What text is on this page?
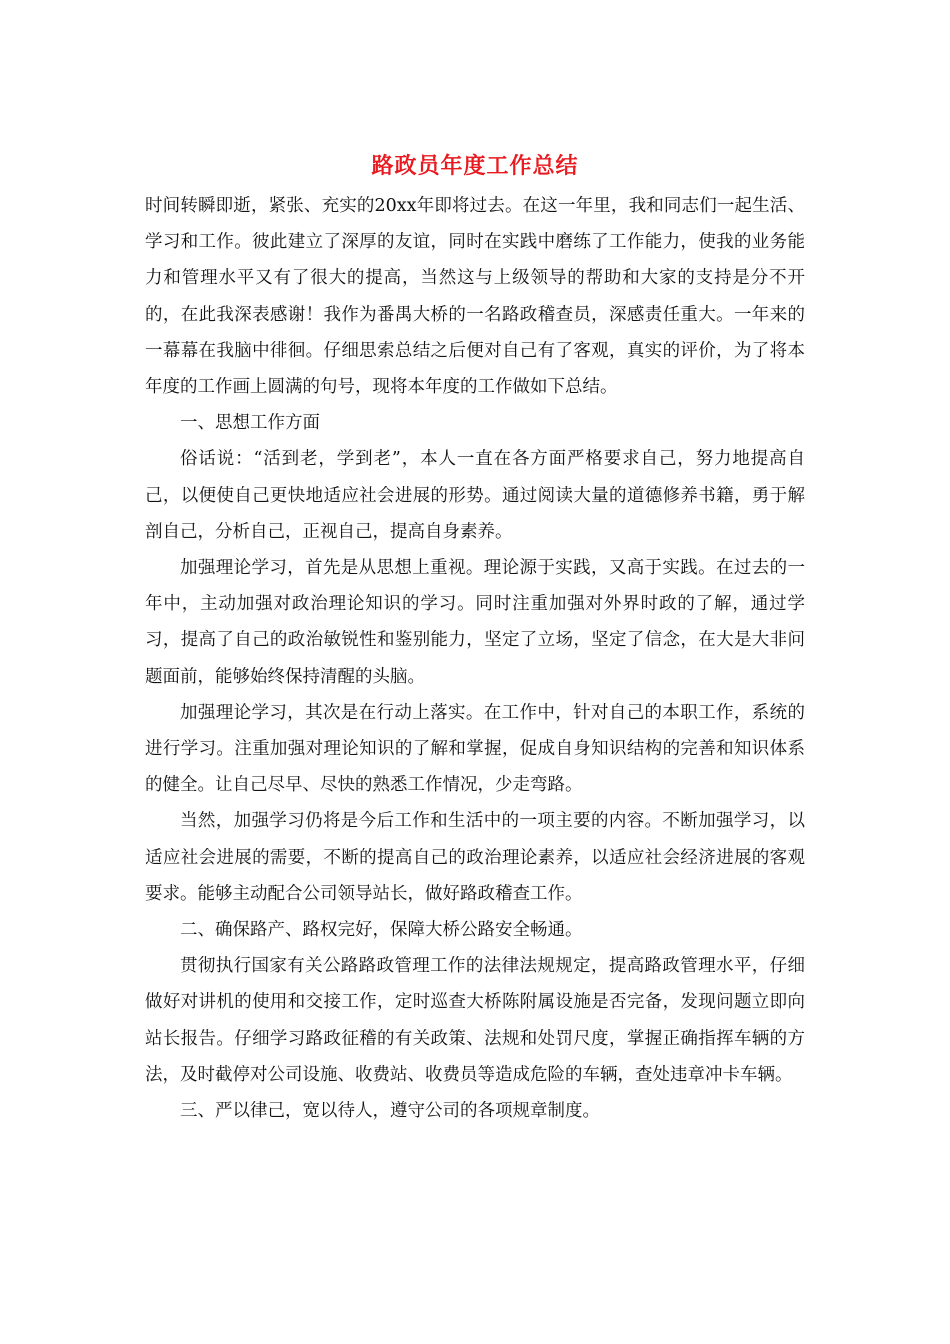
路政员年度工作总结

时间转瞬即逝，紧张、充实的20xx年即将过去。在这一年里，我和同志们一起生活、学习和工作。彼此建立了深厚的友谊，同时在实践中磨练了工作能力，使我的业务能力和管理水平又有了很大的提高，当然这与上级领导的帮助和大家的支持是分不开的，在此我深表感谢！我作为番禺大桥的一名路政稽查员，深感责任重大。一年来的一幕幕在我脑中徘徊。仔细思索总结之后便对自己有了客观，真实的评价，为了将本年度的工作画上圆满的句号，现将本年度的工作做如下总结。

一、思想工作方面

俗话说：“活到老，学到老”，本人一直在各方面严格要求自己，努力地提高自己，以便使自己更快地适应社会进展的形势。通过阅读大量的道德修养书籍，勇于解剖自己，分析自己，正视自己，提高自身素养。

加强理论学习，首先是从思想上重视。理论源于实践，又高于实践。在过去的一年中，主动加强对政治理论知识的学习。同时注重加强对外界时政的了解，通过学习，提高了自己的政治敏锐性和鉴别能力，坚定了立场，坚定了信念，在大是大非问题面前，能够始终保持清醒的头脑。

加强理论学习，其次是在行动上落实。在工作中，针对自己的本职工作，系统的进行学习。注重加强对理论知识的了解和掌握，促成自身知识结构的完善和知识体系的健全。让自己尽早、尽快的熟悉工作情况，少走弯路。

当然，加强学习仍将是今后工作和生活中的一项主要的内容。不断加强学习，以适应社会进展的需要，不断的提高自己的政治理论素养，以适应社会经济进展的客观要求。能够主动配合公司领导站长，做好路政稽查工作。

二、确保路产、路权完好，保障大桥公路安全畅通。

贯彻执行国家有关公路路政管理工作的法律法规规定，提高路政管理水平，仔细做好对讲机的使用和交接工作，定时巡查大桥陈附属设施是否完备，发现问题立即向站长报告。仔细学习路政征稽的有关政策、法规和处罚尺度，掌握正确指挥车辆的方法，及时截停对公司设施、收费站、收费员等造成危险的车辆，查处违章冲卡车辆。

三、严以律己，宽以待人，遵守公司的各项规章制度。
